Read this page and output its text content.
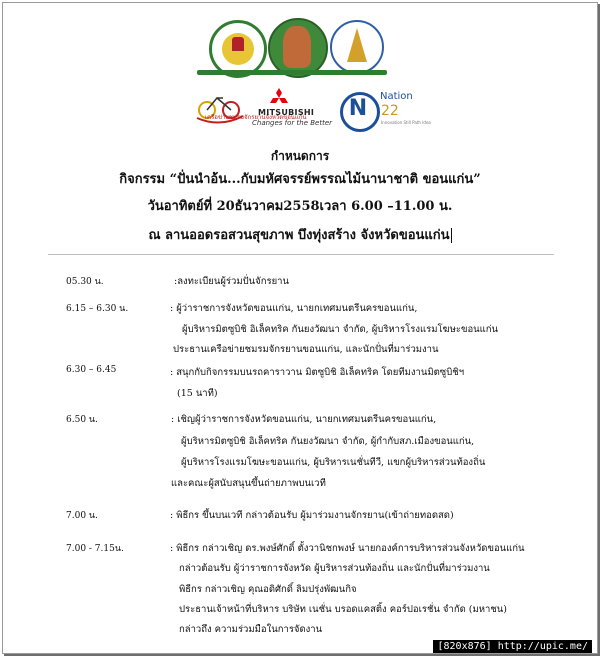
เครือข่ายชมรมจักรยานจังหวัดขอนแก่น
MITSUBISHI
Changes for the Better
N	Nation
22
Innovation Still Path Idea
กำหนดการ
กิจกรรม “ปั่นนำอ้น...กับมหัศจรรย์พรรณไม้นานาชาติ ขอนแก่น”
วันอาทิตย์ที่ 20ธันวาคม2558เวลา 6.00 –11.00 น.
ณ ลานออดรอสวนสุขภาพ บึงทุ่งสร้าง จังหวัดขอนแก่น
05.30 น.	:ลงทะเบียนผู้ร่วมปั่นจักรยาน
6.15 – 6.30 น.	: ผู้ว่าราชการจังหวัดขอนแก่น, นายกเทศมนตรีนครขอนแก่น,
ผู้บริหารมิตซูบิชิ อิเล็คทริค กันยงวัฒนา จำกัด, ผู้บริหารโรงแรมโฆษะขอนแก่น
ประธานเครือข่ายชมรมจักรยานขอนแก่น, และนักปั่นที่มาร่วมงาน
6.30 – 6.45	: สนุกกับกิจกรรมบนรถคาราวาน มิตซูบิชิ อิเล็คทริค โดยทีมงานมิตซูบิชิฯ
(15 นาที)
6.50 น.	: เชิญผู้ว่าราชการจังหวัดขอนแก่น, นายกเทศมนตรีนครขอนแก่น,
ผู้บริหารมิตซูบิชิ อิเล็คทริค กันยงวัฒนา จำกัด, ผู้กำกับสภ.เมืองขอนแก่น,
ผู้บริหารโรงแรมโฆษะขอนแก่น, ผู้บริหารเนชั่นทีวี, แขกผู้บริหารส่วนท้องถิ่น
และคณะผู้สนับสนุนขึ้นถ่ายภาพบนเวที
7.00 น.	: พิธีกร ขึ้นบนเวที กล่าวต้อนรับ ผู้มาร่วมงานจักรยาน(เข้าถ่ายทอดสด)
7.00 - 7.15น.	: พิธีกร กล่าวเชิญ ดร.พงษ์ศักดิ์ ตั้งวานิชกพงษ์ นายกองค์การบริหารส่วนจังหวัดขอนแก่น
กล่าวต้อนรับ ผู้ว่าราชการจังหวัด ผู้บริหารส่วนท้องถิ่น และนักปั่นที่มาร่วมงาน
พิธีกร กล่าวเชิญ คุณอดิศักดิ์ ลิมปรุ่งพัฒนกิจ
ประธานเจ้าหน้าที่บริหาร บริษัท เนชั่น บรอดแคสติ้ง คอร์ปอเรชั่น จำกัด (มหาชน)
กล่าวถึง ความร่วมมือในการจัดงาน
[820x876] http://upic.me/
